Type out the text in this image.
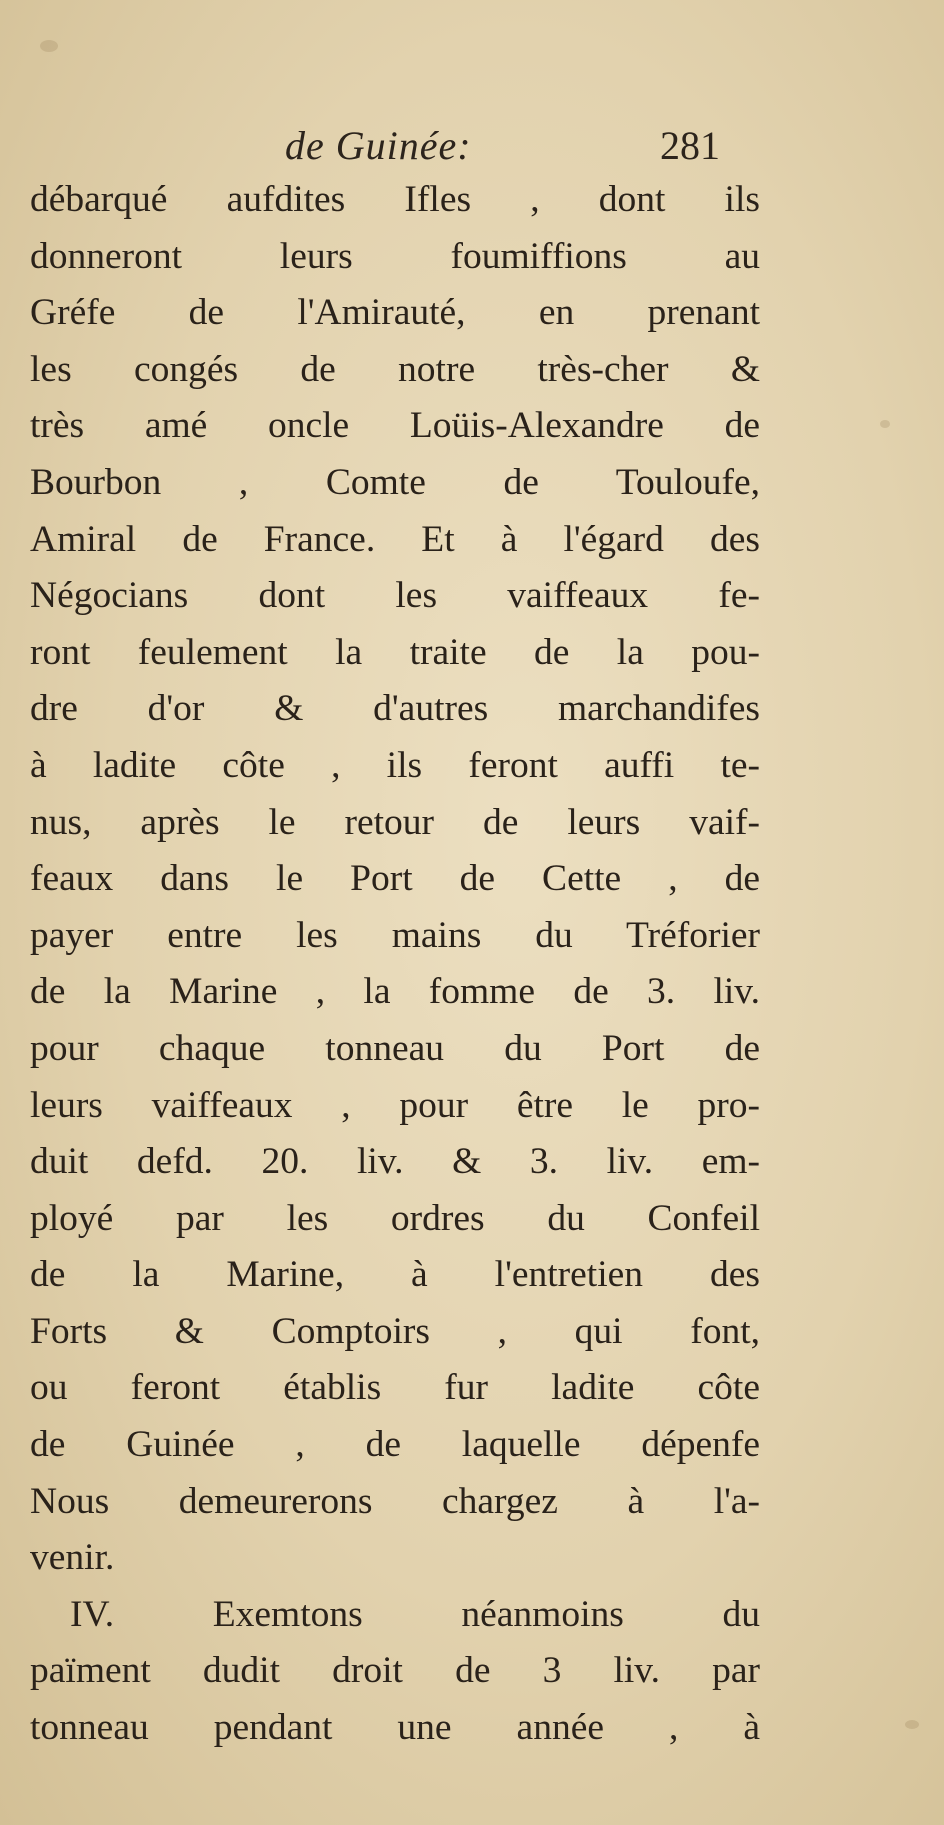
de Guinée:	281
débarqué aufdites Ifles , dont ils
donneront leurs foumiffions au
Gréfe de l'Amirauté, en prenant
les congés de notre très-cher &
très amé oncle Loüis-Alexandre de
Bourbon , Comte de Touloufe,
Amiral de France. Et à l'égard des
Négocians dont les vaiffeaux fe-
ront feulement la traite de la pou-
dre d'or & d'autres marchandifes
à ladite côte , ils feront auffi te-
nus, après le retour de leurs vaif-
feaux dans le Port de Cette , de
payer entre les mains du Tréforier
de la Marine , la fomme de 3. liv.
pour chaque tonneau du Port de
leurs vaiffeaux , pour être le pro-
duit defd. 20. liv. & 3. liv. em-
ployé par les ordres du Confeil
de la Marine, à l'entretien des
Forts & Comptoirs , qui font,
ou feront établis fur ladite côte
de Guinée , de laquelle dépenfe
Nous demeurerons chargez à l'a-
venir.
IV. Exemtons néanmoins du
païment dudit droit de 3 liv. par
tonneau pendant une année , à
